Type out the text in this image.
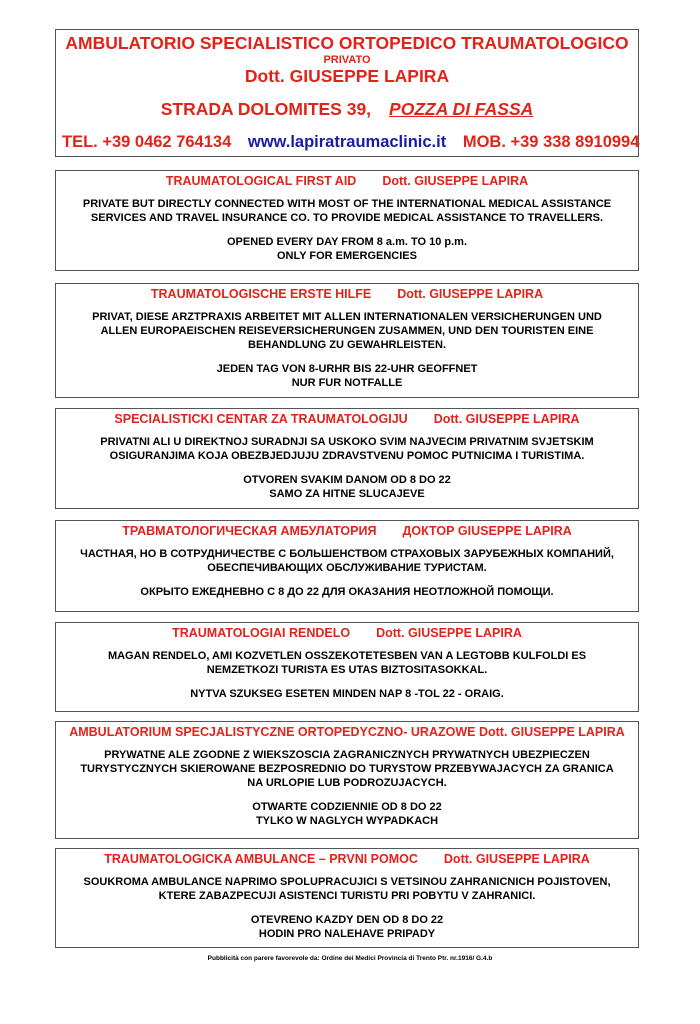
AMBULATORIO SPECIALISTICO ORTOPEDICO TRAUMATOLOGICO
PRIVATO
Dott. GIUSEPPE LAPIRA
STRADA DOLOMITES 39, POZZA DI FASSA
TEL. +39 0462 764134 www.lapiratraumaclinic.it MOB. +39 338 8910994
TRAUMATOLOGICAL FIRST AID Dott. GIUSEPPE LAPIRA
PRIVATE BUT DIRECTLY CONNECTED WITH MOST OF THE INTERNATIONAL MEDICAL ASSISTANCE
SERVICES AND TRAVEL INSURANCE CO. TO PROVIDE MEDICAL ASSISTANCE TO TRAVELLERS.
OPENED EVERY DAY FROM 8 a.m. TO 10 p.m.
ONLY FOR EMERGENCIES
TRAUMATOLOGISCHE ERSTE HILFE Dott. GIUSEPPE LAPIRA
PRIVAT, DIESE ARZTPRAXIS ARBEITET MIT ALLEN INTERNATIONALEN VERSICHERUNGEN UND
ALLEN EUROPAEISCHEN REISEVERSICHERUNGEN ZUSAMMEN, UND DEN TOURISTEN EINE
BEHANDLUNG ZU GEWAHRLEISTEN.
JEDEN TAG VON 8-URHR BIS 22-UHR GEOFFNET
NUR FUR NOTFALLE
SPECIALISTICKI CENTAR ZA TRAUMATOLOGIJU Dott. GIUSEPPE LAPIRA
PRIVATNI ALI U DIREKTNOJ SURADNJI SA USKOKO SVIM NAJVECIM PRIVATNIM SVJETSKIM
OSIGURANJIMA KOJA OBEZBJEDJUJU ZDRAVSTVENU POMOC PUTNICIMA I TURISTIMA.
OTVOREN SVAKIM DANOM OD 8 DO 22
SAMO ZA HITNE SLUCAJEVE
ТРАВМАТОЛОГИЧЕСКАЯ АМБУЛАТОРИЯ ДОКТОР GIUSEPPE LAPIRA
ЧАСТНАЯ, НО В СОТРУДНИЧЕСТВЕ С БОЛЬШЕНСТВОМ СТРАХОВЫХ ЗАРУБЕЖНЫХ КОМПАНИЙ,
ОБЕСПЕЧИВАЮЩИХ ОБСЛУЖИВАНИЕ ТУРИСТАМ.
ОКРЫТО ЕЖЕДНЕВНО С 8 ДО 22 ДЛЯ ОКАЗАНИЯ НЕОТЛОЖНОЙ ПОМОЩИ.
TRAUMATOLOGIAI RENDELO Dott. GIUSEPPE LAPIRA
MAGAN RENDELO, AMI KOZVETLEN OSSZEKOTETESBEN VAN A LEGTOBB KULFOLDI ES
NEMZETKOZI TURISTA ES UTAS BIZTOSITASOKKAL.
NYTVA SZUKSEG ESETEN MINDEN NAP 8 -TOL 22 - ORAIG.
AMBULATORIUM SPECJALISTYCZNE ORTOPEDYCZNO- URAZOWE Dott. GIUSEPPE LAPIRA
PRYWATNE ALE ZGODNE Z WIEKSZOSCIA ZAGRANICZNYCH PRYWATNYCH UBEZPIECZEN
TURYSTYCZNYCH SKIEROWANE BEZPOSREDNIO DO TURYSTOW PRZEBYWAJACYCH ZA GRANICA
NA URLOPIE LUB PODROZUJACYCH.
OTWARTE CODZIENNIE OD 8 DO 22
TYLKO W NAGLYCH WYPADKACH
TRAUMATOLOGICKA AMBULANCE – PRVNI POMOC Dott. GIUSEPPE LAPIRA
SOUKROMA AMBULANCE NAPRIMO SPOLUPRACUJICI S VETSINOU ZAHRANICNICH POJISTOVEN,
KTERE ZABAZPECUJI ASISTENCI TURISTU PRI POBYTU V ZAHRANICI.
OTEVRENO KAZDY DEN OD 8 DO 22
HODIN PRO NALEHAVE PRIPADY
Pubblicità con parere favorevole da: Ordine dei Medici Provincia di Trento Ptr. nr.1916/ G.4.b
